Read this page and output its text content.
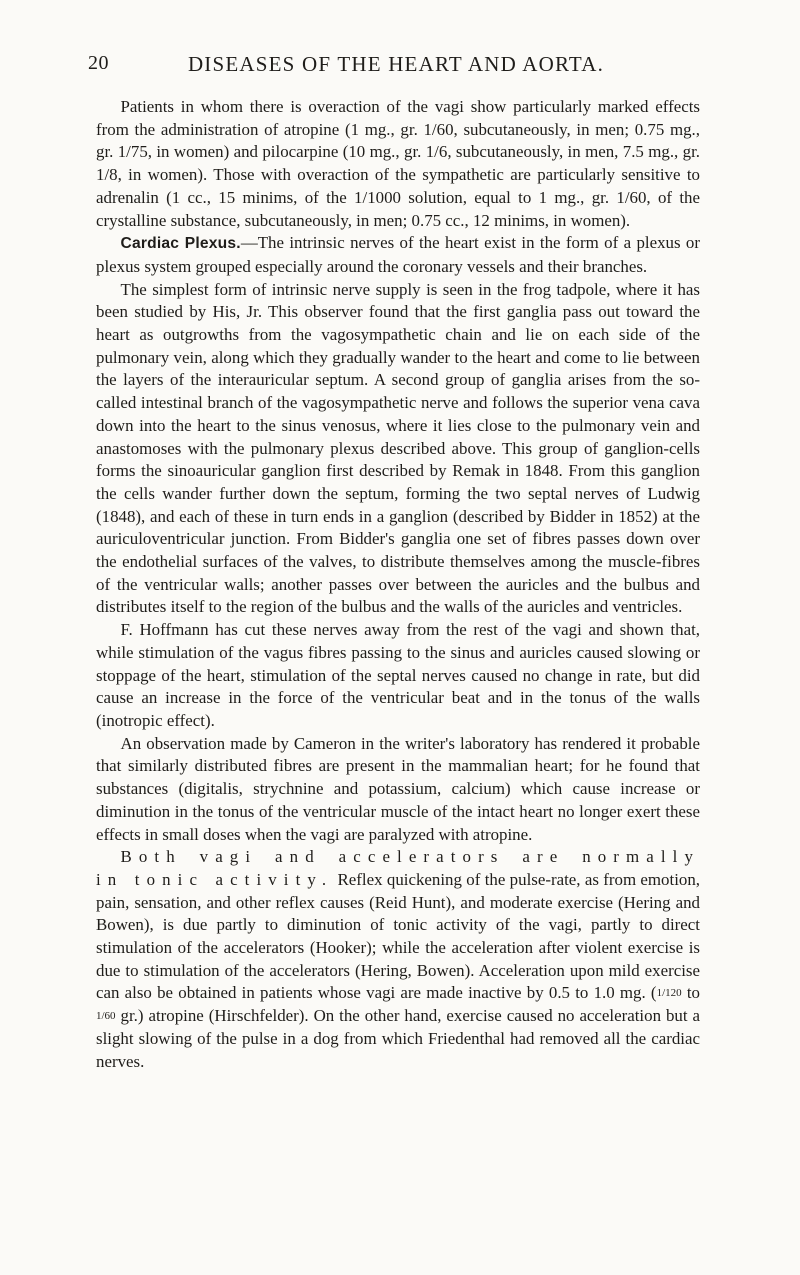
20	DISEASES OF THE HEART AND AORTA.

Patients in whom there is overaction of the vagi show particularly marked effects from the administration of atropine (1 mg., gr. 1/60, subcutaneously, in men; 0.75 mg., gr. 1/75, in women) and pilocarpine (10 mg., gr. 1/6, subcutaneously, in men, 7.5 mg., gr. 1/8, in women). Those with overaction of the sympathetic are particularly sensitive to adrenalin (1 cc., 15 minims, of the 1/1000 solution, equal to 1 mg., gr. 1/60, of the crystalline substance, subcutaneously, in men; 0.75 cc., 12 minims, in women).

Cardiac Plexus.—The intrinsic nerves of the heart exist in the form of a plexus or plexus system grouped especially around the coronary vessels and their branches.

The simplest form of intrinsic nerve supply is seen in the frog tadpole, where it has been studied by His, Jr. This observer found that the first ganglia pass out toward the heart as outgrowths from the vagosympathetic chain and lie on each side of the pulmonary vein, along which they gradually wander to the heart and come to lie between the layers of the interauricular septum. A second group of ganglia arises from the so-called intestinal branch of the vagosympathetic nerve and follows the superior vena cava down into the heart to the sinus venosus, where it lies close to the pulmonary vein and anastomoses with the pulmonary plexus described above. This group of ganglion-cells forms the sinoauricular ganglion first described by Remak in 1848. From this ganglion the cells wander further down the septum, forming the two septal nerves of Ludwig (1848), and each of these in turn ends in a ganglion (described by Bidder in 1852) at the auriculoventricular junction. From Bidder's ganglia one set of fibres passes down over the endothelial surfaces of the valves, to distribute themselves among the muscle-fibres of the ventricular walls; another passes over between the auricles and the bulbus and distributes itself to the region of the bulbus and the walls of the auricles and ventricles.

F. Hoffmann has cut these nerves away from the rest of the vagi and shown that, while stimulation of the vagus fibres passing to the sinus and auricles caused slowing or stoppage of the heart, stimulation of the septal nerves caused no change in rate, but did cause an increase in the force of the ventricular beat and in the tonus of the walls (inotropic effect).

An observation made by Cameron in the writer's laboratory has rendered it probable that similarly distributed fibres are present in the mammalian heart; for he found that substances (digitalis, strychnine and potassium, calcium) which cause increase or diminution in the tonus of the ventricular muscle of the intact heart no longer exert these effects in small doses when the vagi are paralyzed with atropine.

Both vagi and accelerators are normally in tonic activity. Reflex quickening of the pulse-rate, as from emotion, pain, sensation, and other reflex causes (Reid Hunt), and moderate exercise (Hering and Bowen), is due partly to diminution of tonic activity of the vagi, partly to direct stimulation of the accelerators (Hooker); while the acceleration after violent exercise is due to stimulation of the accelerators (Hering, Bowen). Acceleration upon mild exercise can also be obtained in patients whose vagi are made inactive by 0.5 to 1.0 mg. (1/120 to 1/60 gr.) atropine (Hirschfelder). On the other hand, exercise caused no acceleration but a slight slowing of the pulse in a dog from which Friedenthal had removed all the cardiac nerves.
